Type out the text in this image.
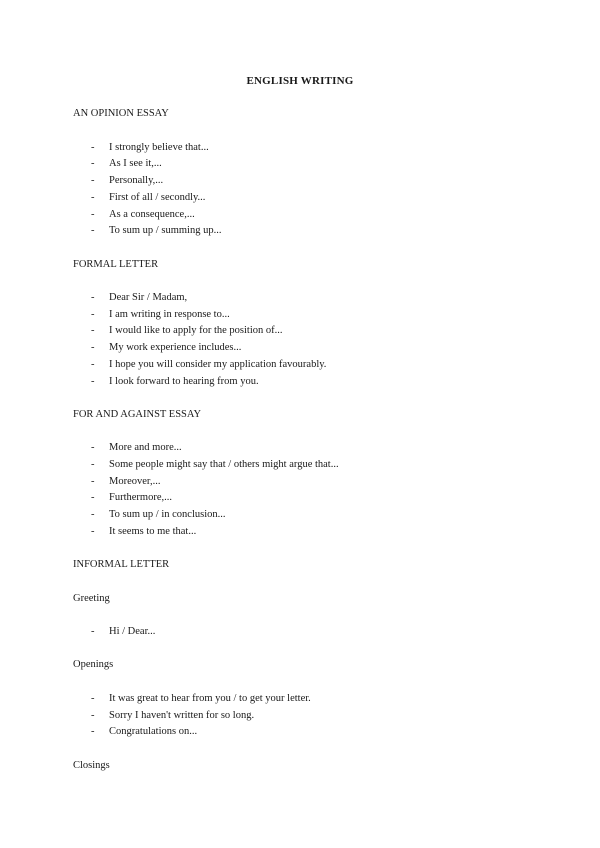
ENGLISH WRITING
AN OPINION ESSAY
- I strongly believe that...
- As I see it,...
- Personally,...
- First of all / secondly...
- As a consequence,...
- To sum up / summing up...
FORMAL LETTER
- Dear Sir / Madam,
- I am writing in response to...
- I would like to apply for the position of...
- My work experience includes...
- I hope you will consider my application favourably.
- I look forward to hearing from you.
FOR AND AGAINST ESSAY
- More and more...
- Some people might say that / others might argue that...
- Moreover,...
- Furthermore,...
- To sum up / in conclusion...
- It seems to me that...
INFORMAL LETTER
Greeting
- Hi / Dear...
Openings
- It was great to hear from you / to get your letter.
- Sorry I haven't written for so long.
- Congratulations on...
Closings
